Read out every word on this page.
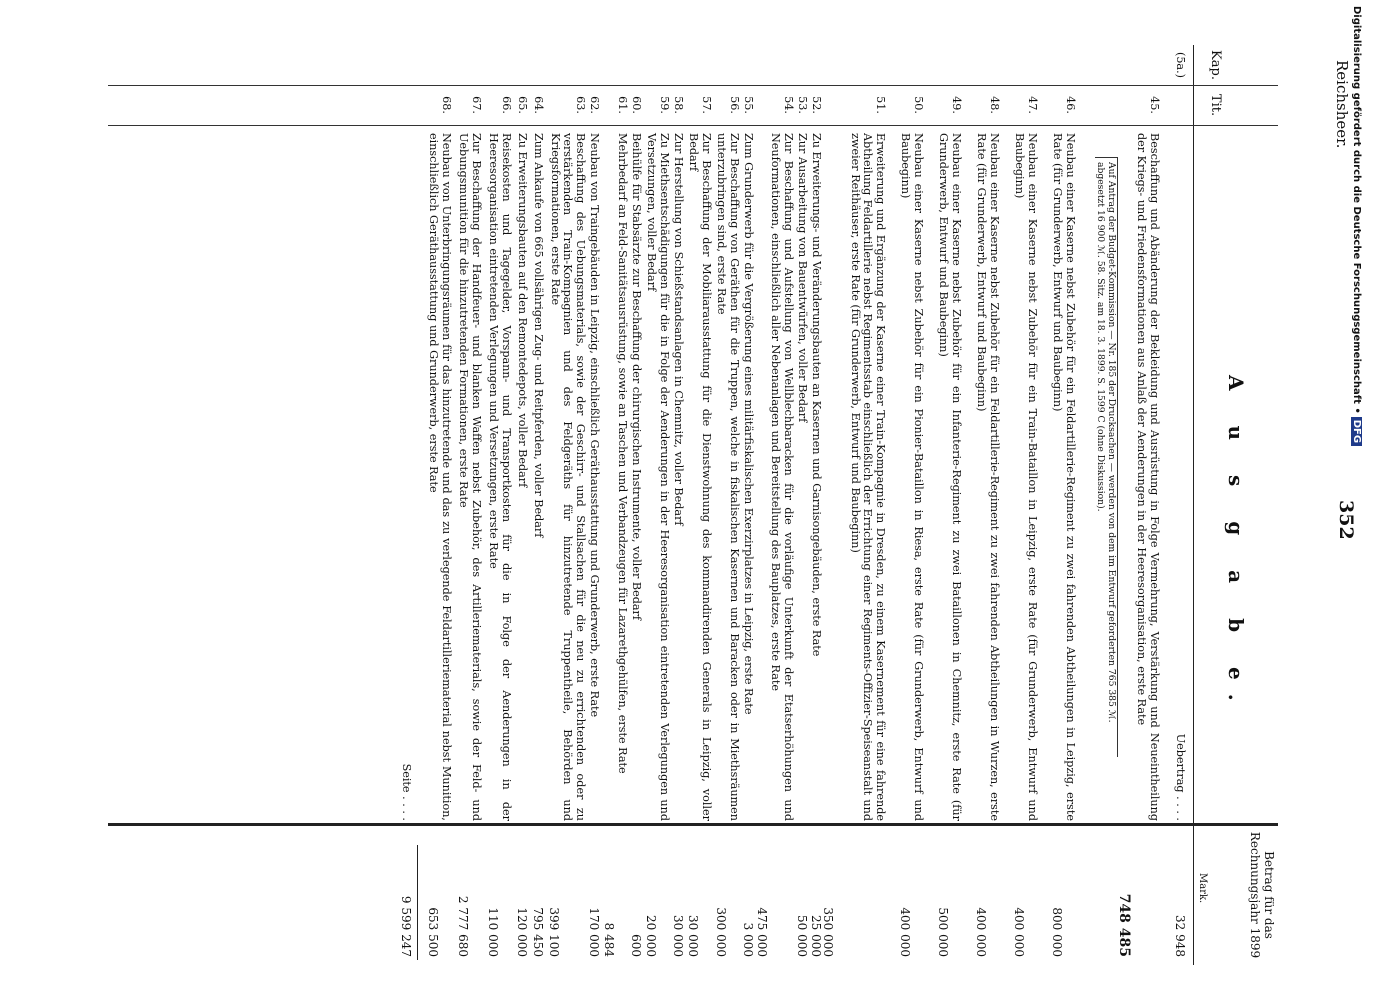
Digitalisierung gefördert durch die Deutsche Forschungsgemeinschaft •DFG
Reichsheer.
352
Kap.
Tit.
A u s g a b e.
Betrag für das Rechnungsjahr 1899
Mark.
(5a.)
Uebertrag . . . .
32 948
45.
Beschaffung und Abänderung der Bekleidung und Ausrüstung in Folge Vermehrung, Verstärkung und Neueintheilung der Kriegs- und Friedensformationen aus Anlaß der Aenderungen in der Heeresorganisation, erste Rate
Auf Antrag der Budget-Kommission — Nr. 185 der Drucksachen — werden von dem im Entwurf geforderten 765 385 ℳ. abgesetzt 16 900 ℳ. 58. Sitz. am 18. 3. 1899. S. 1599 C (ohne Diskussion).
748 485
46.
Neubau einer Kaserne nebst Zubehör für ein Feldartillerie-Regiment zu zwei fahrenden Abtheilungen in Leipzig, erste Rate (für Grunderwerb, Entwurf und Baubeginn)
800 000
47.
Neubau einer Kaserne nebst Zubehör für ein Train-Bataillon in Leipzig, erste Rate (für Grunderwerb, Entwurf und Baubeginn)
400 000
48.
Neubau einer Kaserne nebst Zubehör für ein Feldartillerie-Regiment zu zwei fahrenden Abtheilungen in Wurzen, erste Rate (für Grunderwerb, Entwurf und Baubeginn)
400 000
49.
Neubau einer Kaserne nebst Zubehör für ein Infanterie-Regiment zu zwei Bataillonen in Chemnitz, erste Rate (für Grunderwerb, Entwurf und Baubeginn)
500 000
50.
Neubau einer Kaserne nebst Zubehör für ein Pionier-Bataillon in Riesa, erste Rate (für Grunderwerb, Entwurf und Baubeginn)
400 000
51.
Erweiterung und Ergänzung der Kaserne einer Train-Kompagnie in Dresden, zu einem Kasernement für eine fahrende Abtheilung Feldartillerie nebst Regimentsstab einschließlich der Errichtung einer Regiments-Offizier-Speiseanstalt und zweier Reithäuser, erste Rate (für Grunderwerb, Entwurf und Baubeginn)
350 000
52.
Zu Erweiterungs- und Veränderungsbauten an Kasernen und Garnisongebäuden, erste Rate
25 000
53.
Zur Ausarbeitung von Bauentwürfen, voller Bedarf
50 000
54.
Zur Beschaffung und Aufstellung von Wellblechbaracken für die vorläufige Unterkunft der Etatserhöhungen und Neuformationen, einschließlich aller Nebenanlagen und Bereitstellung des Bauplatzes, erste Rate
475 000
55.
Zum Grunderwerb für die Vergrößerung eines militärfiskalischen Exerzirplatzes in Leipzig, erste Rate
3 000
56.
Zur Beschaffung von Geräthen für die Truppen, welche in fiskalischen Kasernen und Baracken oder in Miethsräumen unterzubringen sind, erste Rate
300 000
57.
Zur Beschaffung der Mobiliarausstattung für die Dienstwohnung des kommandirenden Generals in Leipzig, voller Bedarf
30 000
58.
Zur Herstellung von Schießstandsanlagen in Chemnitz, voller Bedarf
30 000
59.
Zu Miethsentschädigungen für die in Folge der Aenderungen in der Heeresorganisation eintretenden Verlegungen und Versetzungen, voller Bedarf
20 000
60.
Beihülfe für Stabsärzte zur Beschaffung der chirurgischen Instrumente, voller Bedarf
600
61.
Mehrbedarf an Feld-Sanitätsausrüstung, sowie an Taschen und Verbandzeugen für Lazarethgehülfen, erste Rate
8 484
62.
Neubau von Traingebäuden in Leipzig, einschließlich Geräthausstattung und Grunderwerb, erste Rate
170 000
63.
Beschaffung des Uebungsmaterials, sowie der Geschirr- und Stallsachen für die neu zu errichtenden oder zu verstärkenden Train-Kompagnien und des Feldgeräths für hinzutretende Truppentheile, Behörden und Kriegsformationen, erste Rate
399 100
64.
Zum Ankaufe von 665 vollsährigen Zug- und Reitpferden, voller Bedarf
795 450
65.
Zu Erweiterungsbauten auf den Remontedepots, voller Bedarf
120 000
66.
Reisekosten und Tagegelder, Vorspann- und Transportkosten für die in Folge der Aenderungen in der Heeresorganisation eintretenden Verlegungen und Versetzungen, erste Rate
110 000
67.
Zur Beschaffung der Handfeuer- und blanken Waffen nebst Zubehör, des Artilleriematerials, sowie der Feld- und Uebungsmunition für die hinzutretenden Formationen, erste Rate
2 777 680
68.
Neubau von Unterbringungsräumen für das hinzutretende und das zu verlegende Feldartilleriematerial nebst Munition, einschließlich Geräthausstattung und Grunderwerb, erste Rate
653 500
Seite . . . .
9 599 247
